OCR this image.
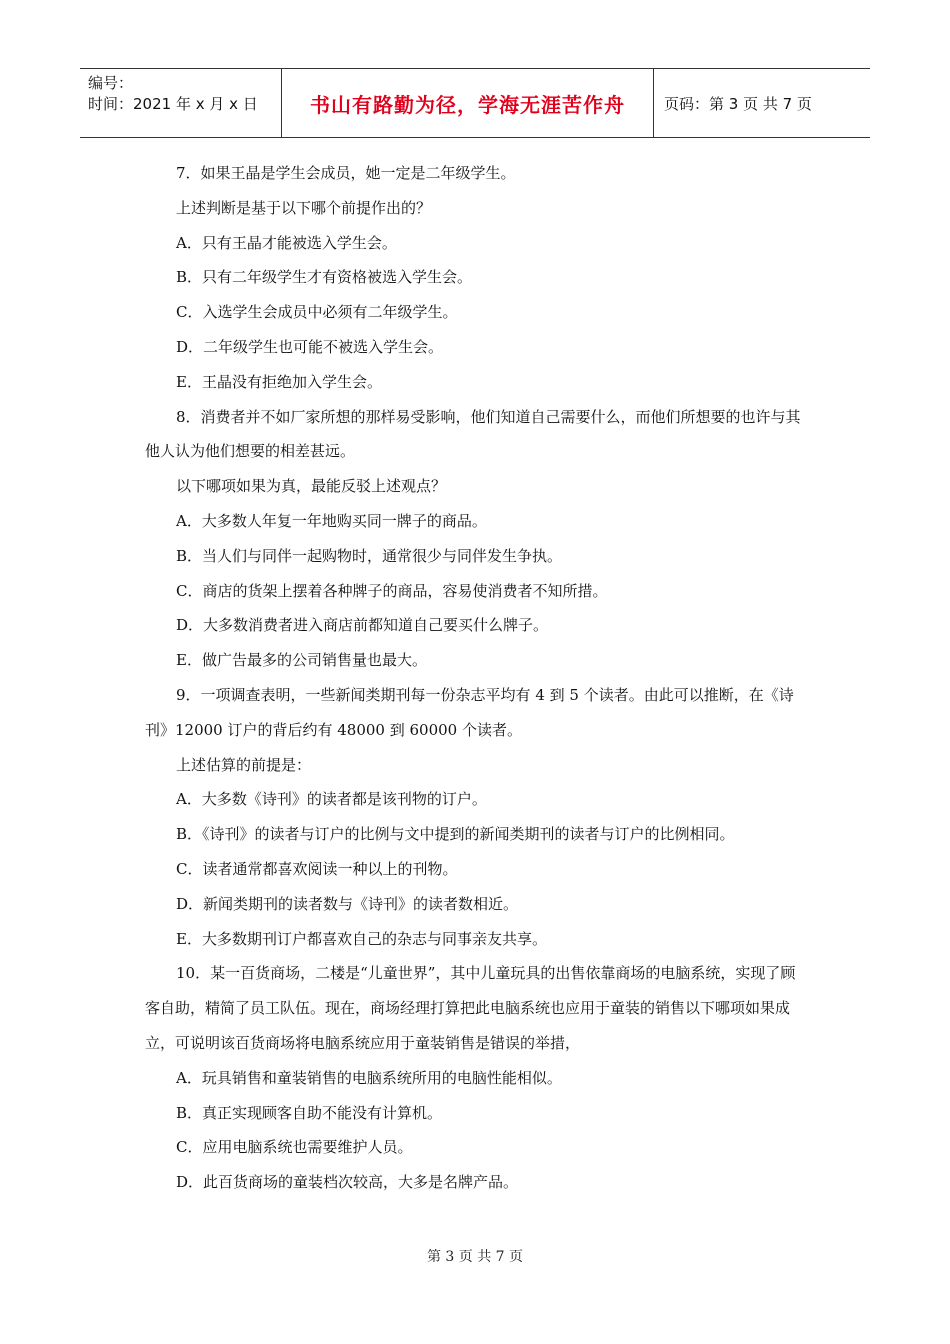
编号：
时间：2021 年 x 月 x 日	书山有路勤为径，学海无涯苦作舟	页码：第 3 页 共 7 页

7．如果王晶是学生会成员，她一定是二年级学生。

上述判断是基于以下哪个前提作出的？

A．只有王晶才能被选入学生会。

B．只有二年级学生才有资格被选入学生会。

C．入选学生会成员中必须有二年级学生。

D．二年级学生也可能不被选入学生会。

E．王晶没有拒绝加入学生会。

8．消费者并不如厂家所想的那样易受影响，他们知道自己需要什么，而他们所想要的也许与其他人认为他们想要的相差甚远。

以下哪项如果为真，最能反驳上述观点？

A．大多数人年复一年地购买同一牌子的商品。

B．当人们与同伴一起购物时，通常很少与同伴发生争执。

C．商店的货架上摆着各种牌子的商品，容易使消费者不知所措。

D．大多数消费者进入商店前都知道自己要买什么牌子。

E．做广告最多的公司销售量也最大。

9．一项调查表明，一些新闻类期刊每一份杂志平均有 4 到 5 个读者。由此可以推断，在《诗刊》12000 订户的背后约有 48000 到 60000 个读者。

上述估算的前提是：

A．大多数《诗刊》的读者都是该刊物的订户。

B．《诗刊》的读者与订户的比例与文中提到的新闻类期刊的读者与订户的比例相同。

C．读者通常都喜欢阅读一种以上的刊物。

D．新闻类期刊的读者数与《诗刊》的读者数相近。

E．大多数期刊订户都喜欢自己的杂志与同事亲友共享。

10．某一百货商场，二楼是“儿童世界”，其中儿童玩具的出售依靠商场的电脑系统，实现了顾客自助，精简了员工队伍。现在，商场经理打算把此电脑系统也应用于童装的销售以下哪项如果成立，可说明该百货商场将电脑系统应用于童装销售是错误的举措，

A．玩具销售和童装销售的电脑系统所用的电脑性能相似。

B．真正实现顾客自助不能没有计算机。

C．应用电脑系统也需要维护人员。

D．此百货商场的童装档次较高，大多是名牌产品。

第 3 页 共 7 页
